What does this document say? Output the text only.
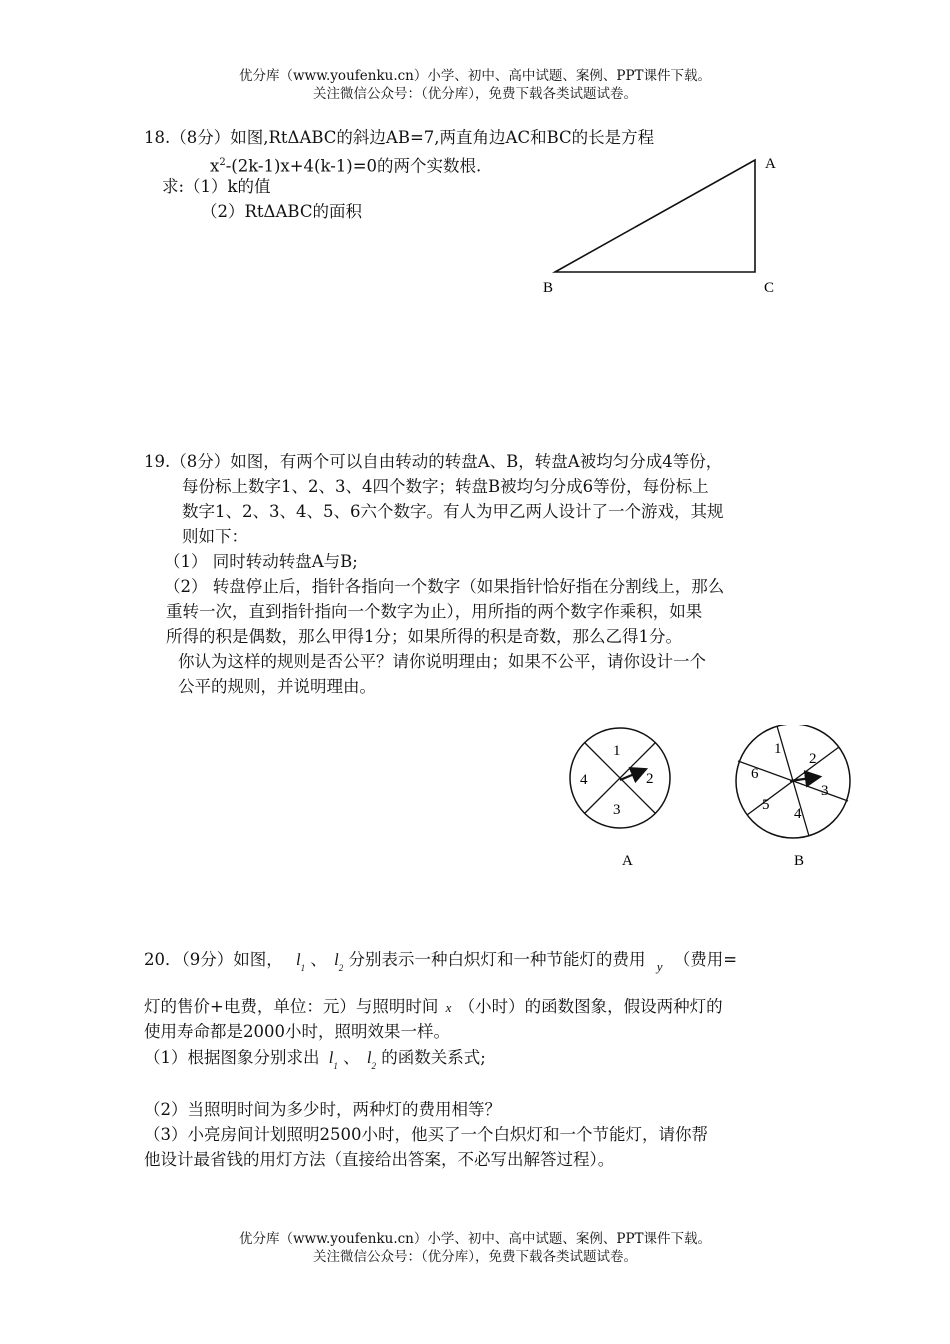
优分库（www.youfenku.cn）小学、初中、高中试题、案例、PPT课件下载。
关注微信公众号：（优分库），免费下载各类试题试卷。
18.（8分）如图,RtΔABC的斜边AB=7,两直角边AC和BC的长是方程
$x^2-(2k-1)x+4(k-1)=0$的两个实数根.
求:（1）k的值
（2）RtΔABC的面积
A
B	C
19.（8分）如图，有两个可以自由转动的转盘A、B，转盘A被均匀分成4等份，
每份标上数字1、2、3、4四个数字；转盘B被均匀分成6等份，每份标上
数字1、2、3、4、5、6六个数字。有人为甲乙两人设计了一个游戏，其规
则如下：
（1） 同时转动转盘A与B;
（2） 转盘停止后，指针各指向一个数字（如果指针恰好指在分割线上，那么
重转一次，直到指针指向一个数字为止），用所指的两个数字作乘积，如果
所得的积是偶数，那么甲得1分；如果所得的积是奇数，那么乙得1分。
你认为这样的规则是否公平？请你说明理由；如果不公平，请你设计一个
公平的规则，并说明理由。
1
2
3
4
A
1
2
3
4
5
6
B
20．（9分）如图， $l_1$ 、 $l_2$ 分别表示一种白炽灯和一种节能灯的费用 $_y$ （费用=
灯的售价+电费，单位：元）与照明时间 x （小时）的函数图象，假设两种灯的
使用寿命都是2000小时，照明效果一样。
（1）根据图象分别求出 $l_1$ 、 $l_2$ 的函数关系式;
（2）当照明时间为多少时，两种灯的费用相等？
（3）小亮房间计划照明2500小时，他买了一个白炽灯和一个节能灯，请你帮
他设计最省钱的用灯方法（直接给出答案，不必写出解答过程）。
优分库（www.youfenku.cn）小学、初中、高中试题、案例、PPT课件下载。
关注微信公众号：（优分库），免费下载各类试题试卷。
